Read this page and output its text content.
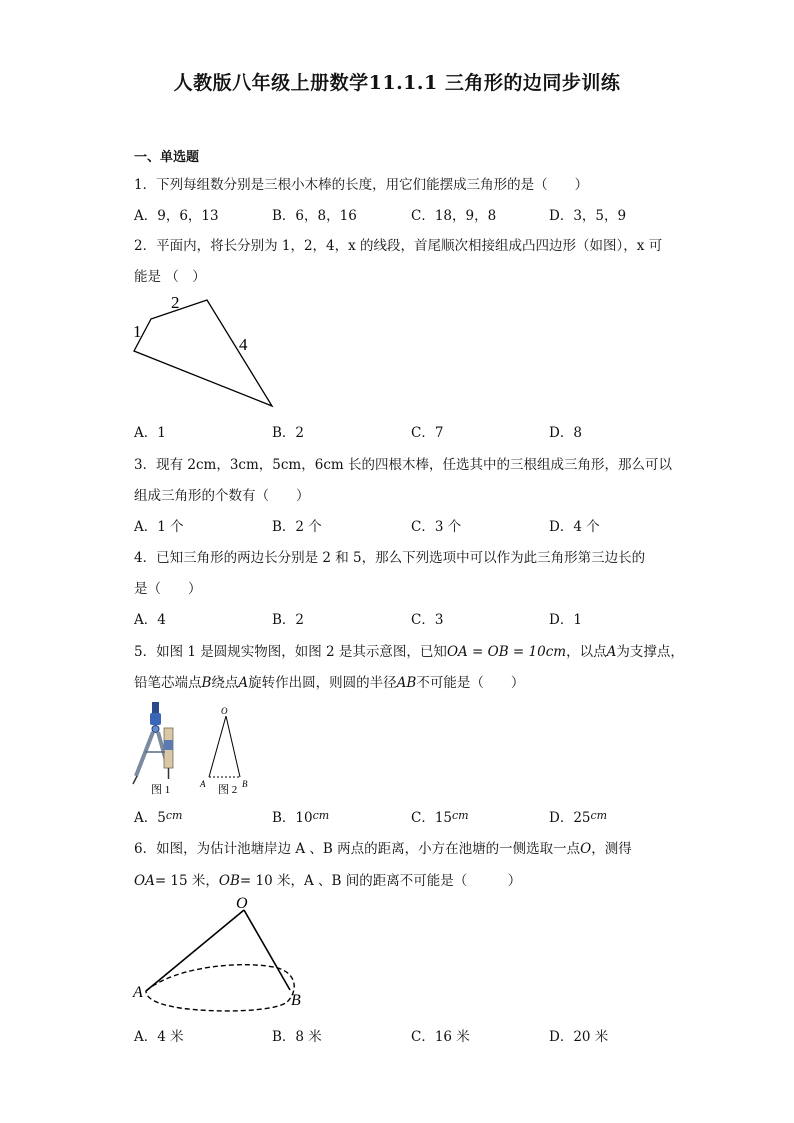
人教版八年级上册数学11.1.1 三角形的边同步训练
一、单选题
1．下列每组数分别是三根小木棒的长度，用它们能摆成三角形的是（　　）
A．9，6，13	B．6，8，16	C．18，9，8	D．3，5，9
2．平面内，将长分别为 1，2，4，x 的线段，首尾顺次相接组成凸四边形（如图），x 可
能是 （　）
1
2
4
A．1	B．2	C．7	D．8
3．现有 2cm，3cm，5cm，6cm 长的四根木棒，任选其中的三根组成三角形，那么可以
组成三角形的个数有（　　）
A．1 个	B．2 个	C．3 个	D．4 个
4．已知三角形的两边长分别是 2 和 5，那么下列选项中可以作为此三角形第三边长的
是（　　）
A．4	B．2	C．3	D．1
5．如图 1 是圆规实物图，如图 2 是其示意图，已知OA = OB = 10cm，以点A为支撑点，
铅笔芯端点B绕点A旋转作出圆，则圆的半径AB不可能是（　　）
图 1
O
A	B
图 2
A．$5^{cm}$	B．$10^{cm}$	C．$15^{cm}$	D．$25^{cm}$
6．如图，为估计池塘岸边 A 、B 两点的距离，小方在池塘的一侧选取一点O，测得
OA= 15 米，OB= 10 米，A 、B 间的距离不可能是（　　　）
O
A	B
A．4 米	B．8 米	C．16 米	D．20 米
